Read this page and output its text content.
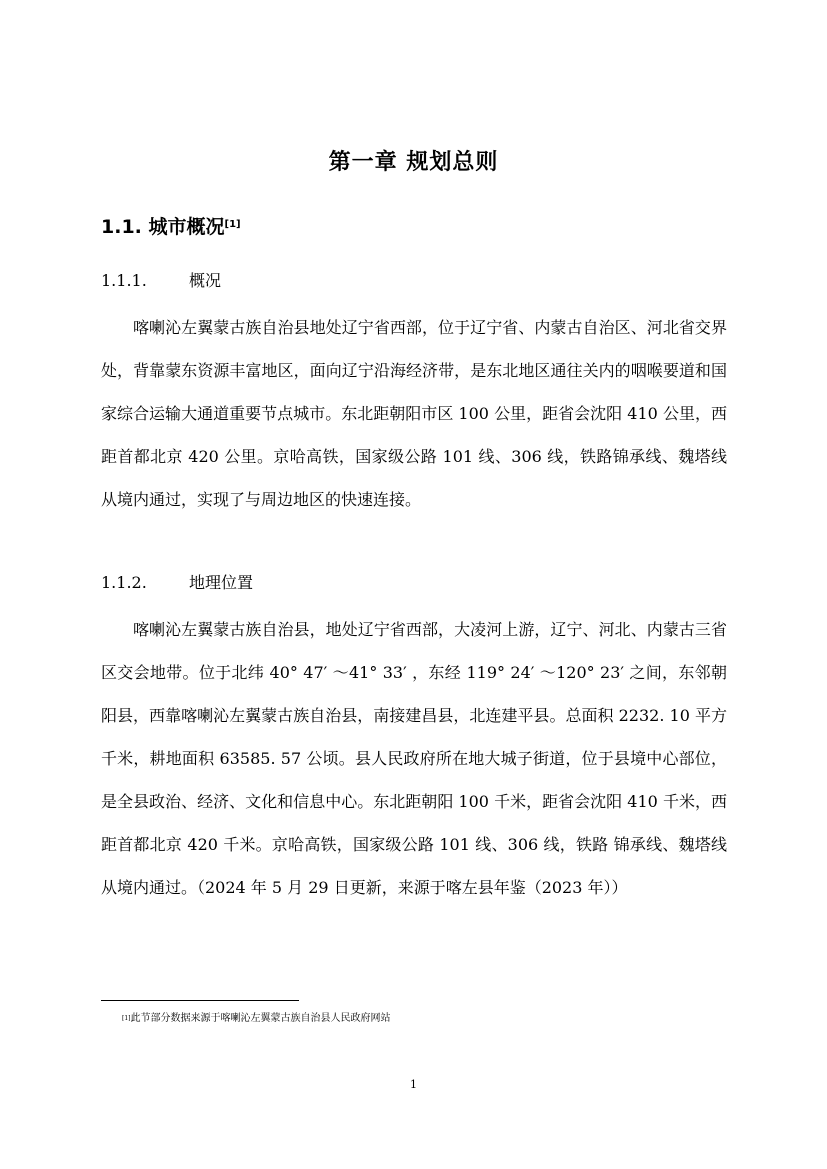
第一章 规划总则
1.1. 城市概况[1]
1.1.1.	概况

喀喇沁左翼蒙古族自治县地处辽宁省西部，位于辽宁省、内蒙古自治区、河北省交界处，背靠蒙东资源丰富地区，面向辽宁沿海经济带，是东北地区通往关内的咽喉要道和国家综合运输大通道重要节点城市。东北距朝阳市区 100 公里，距省会沈阳 410 公里，西距首都北京 420 公里。京哈高铁，国家级公路 101 线、306 线，铁路锦承线、魏塔线从境内通过，实现了与周边地区的快速连接。

1.1.2.	地理位置

喀喇沁左翼蒙古族自治县，地处辽宁省西部，大凌河上游，辽宁、河北、内蒙古三省区交会地带。位于北纬 40° 47′ ～41° 33′ ，东经 119° 24′ ～120° 23′ 之间，东邻朝阳县，西靠喀喇沁左翼蒙古族自治县，南接建昌县，北连建平县。总面积 2232. 10 平方千米，耕地面积 63585. 57 公顷。县人民政府所在地大城子街道，位于县境中心部位，是全县政治、经济、文化和信息中心。东北距朝阳 100 千米，距省会沈阳 410 千米，西距首都北京 420 千米。京哈高铁，国家级公路 101 线、306 线，铁路 锦承线、魏塔线从境内通过。（2024 年 5 月 29 日更新，来源于喀左县年鉴（2023 年））

[1]此节部分数据来源于喀喇沁左翼蒙古族自治县人民政府网站
1
